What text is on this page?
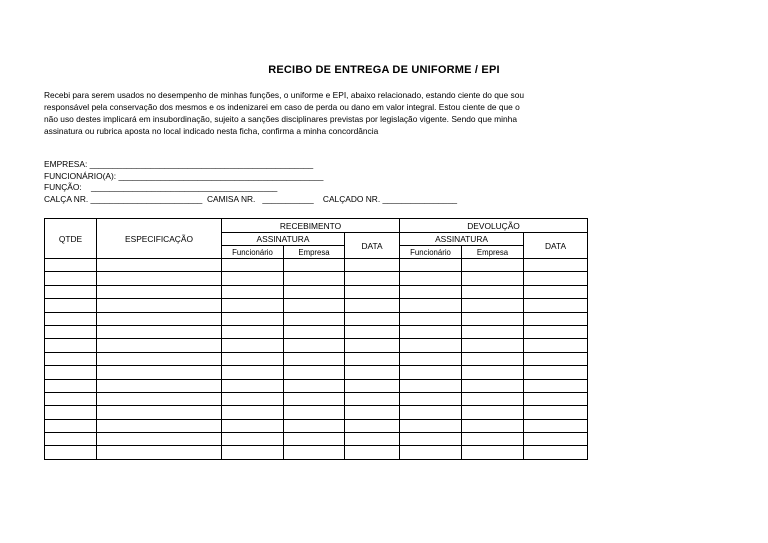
RECIBO DE ENTREGA DE UNIFORME / EPI
Recebi para serem usados no desempenho de minhas funções, o uniforme e EPI, abaixo relacionado, estando ciente do que sou
responsável pela conservação dos mesmos e os indenizarei em caso de perda ou dano em valor integral. Estou ciente de que o
não uso destes implicará em insubordinação, sujeito a sanções disciplinares previstas por legislação vigente. Sendo que minha
assinatura ou rubrica aposta no local indicado nesta ficha, confirma a minha concordância
EMPRESA: ________________________________________________
FUNCIONÁRIO(A): ____________________________________________
FUNÇÃO:    ________________________________________
CALÇA NR. ________________________ CAMISA NR.   ___________ CALÇADO NR. ________________
QTDE	ESPECIFICAÇÃO	RECEBIMENTO			DEVOLUÇÃO		
		ASSINATURA		DATA	ASSINATURA		DATA
		Funcionário	Empresa		Funcionário	Empresa	
